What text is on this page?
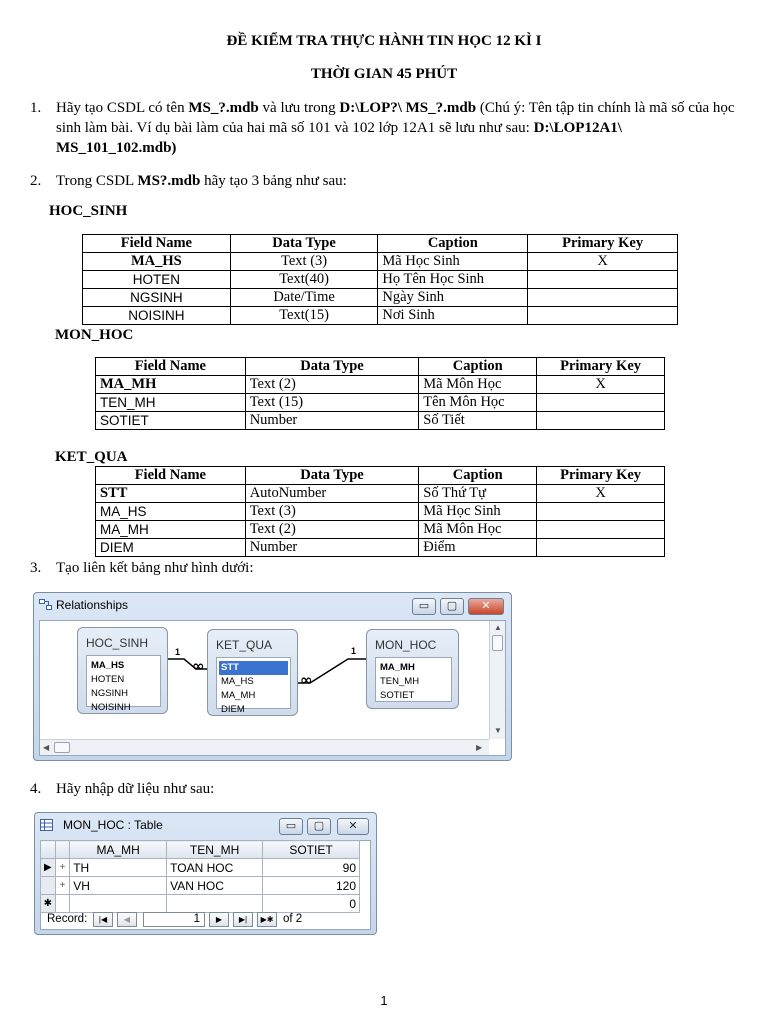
ĐỀ KIỂM TRA THỰC HÀNH TIN HỌC 12 KÌ I
THỜI GIAN 45 PHÚT
1. Hãy tạo CSDL có tên MS_?.mdb và lưu trong D:\LOP?\ MS_?.mdb (Chú ý: Tên tập tin chính là mã số của học sinh làm bài. Ví dụ bài làm của hai mã số 101 và 102 lớp 12A1 sẽ lưu như sau: D:\LOP12A1\ MS_101_102.mdb)
2. Trong CSDL MS?.mdb hãy tạo 3 bảng như sau:
HOC_SINH
Field Name	Data Type	Caption	Primary Key
MA_HS	Text (3)	Mã Học Sinh	X
HOTEN	Text(40)	Họ Tên Học Sinh	
NGSINH	Date/Time	Ngày Sinh	
NOISINH	Text(15)	Nơi Sinh	
MON_HOC
Field Name	Data Type	Caption	Primary Key
MA_MH	Text (2)	Mã Môn Học	X
TEN_MH	Text (15)	Tên Môn Học	
SOTIET	Number	Số Tiết	
KET_QUA
Field Name	Data Type	Caption	Primary Key
STT	AutoNumber	Số Thứ Tự	X
MA_HS	Text (3)	Mã Học Sinh	
MA_MH	Text (2)	Mã Môn Học	
DIEM	Number	Điểm	
3. Tạo liên kết bảng như hình dưới:
Relationships	▭	▢	✕
1
∞
1
∞
HOC_SINH
MA_HS
HOTEN
NGSINH
NOISINH
KET_QUA
STT
MA_HS
MA_MH
DIEM
MON_HOC
MA_MH
TEN_MH
SOTIET
▲
▼
◀	▶
4. Hãy nhập dữ liệu như sau:
MON_HOC : Table	▭	▢	✕
		MA_MH	TEN_MH	SOTIET
▶	+	TH	TOAN HOC	90
	+	VH	VAN HOC	120
✱				0
Record:	|◀	◀	1	▶	▶|	▶✱ of 2
1
